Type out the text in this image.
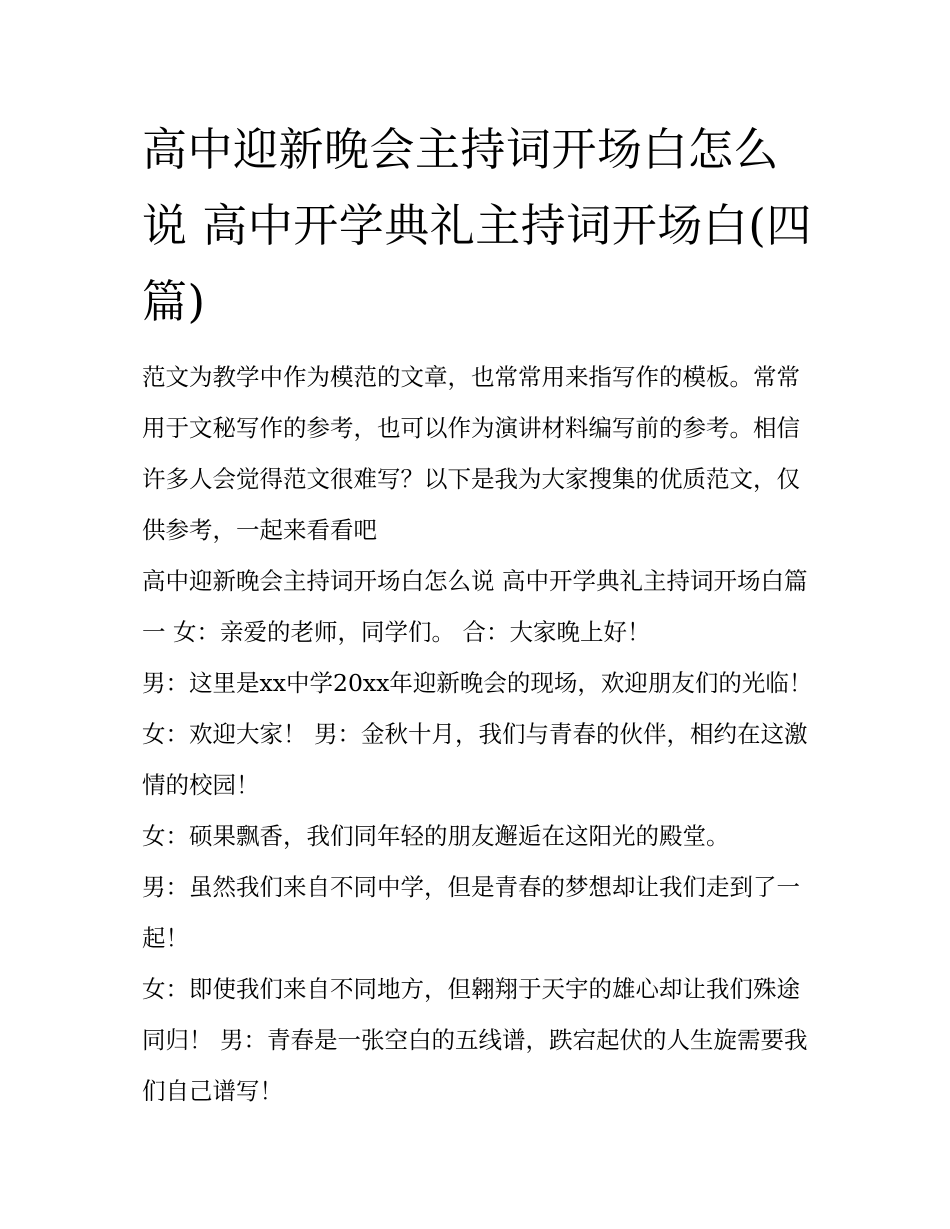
高中迎新晚会主持词开场白怎么说 高中开学典礼主持词开场白(四篇)

范文为教学中作为模范的文章，也常常用来指写作的模板。常常用于文秘写作的参考，也可以作为演讲材料编写前的参考。相信许多人会觉得范文很难写？以下是我为大家搜集的优质范文，仅供参考，一起来看看吧

高中迎新晚会主持词开场白怎么说 高中开学典礼主持词开场白篇一 女：亲爱的老师，同学们。 合：大家晚上好！

男：这里是xx中学20xx年迎新晚会的现场，欢迎朋友们的光临！ 女：欢迎大家！ 男：金秋十月，我们与青春的伙伴，相约在这激情的校园！

女：硕果飘香，我们同年轻的朋友邂逅在这阳光的殿堂。

男：虽然我们来自不同中学，但是青春的梦想却让我们走到了一起！

女：即使我们来自不同地方，但翱翔于天宇的雄心却让我们殊途同归！ 男：青春是一张空白的五线谱，跌宕起伏的人生旋需要我们自己谱写！
